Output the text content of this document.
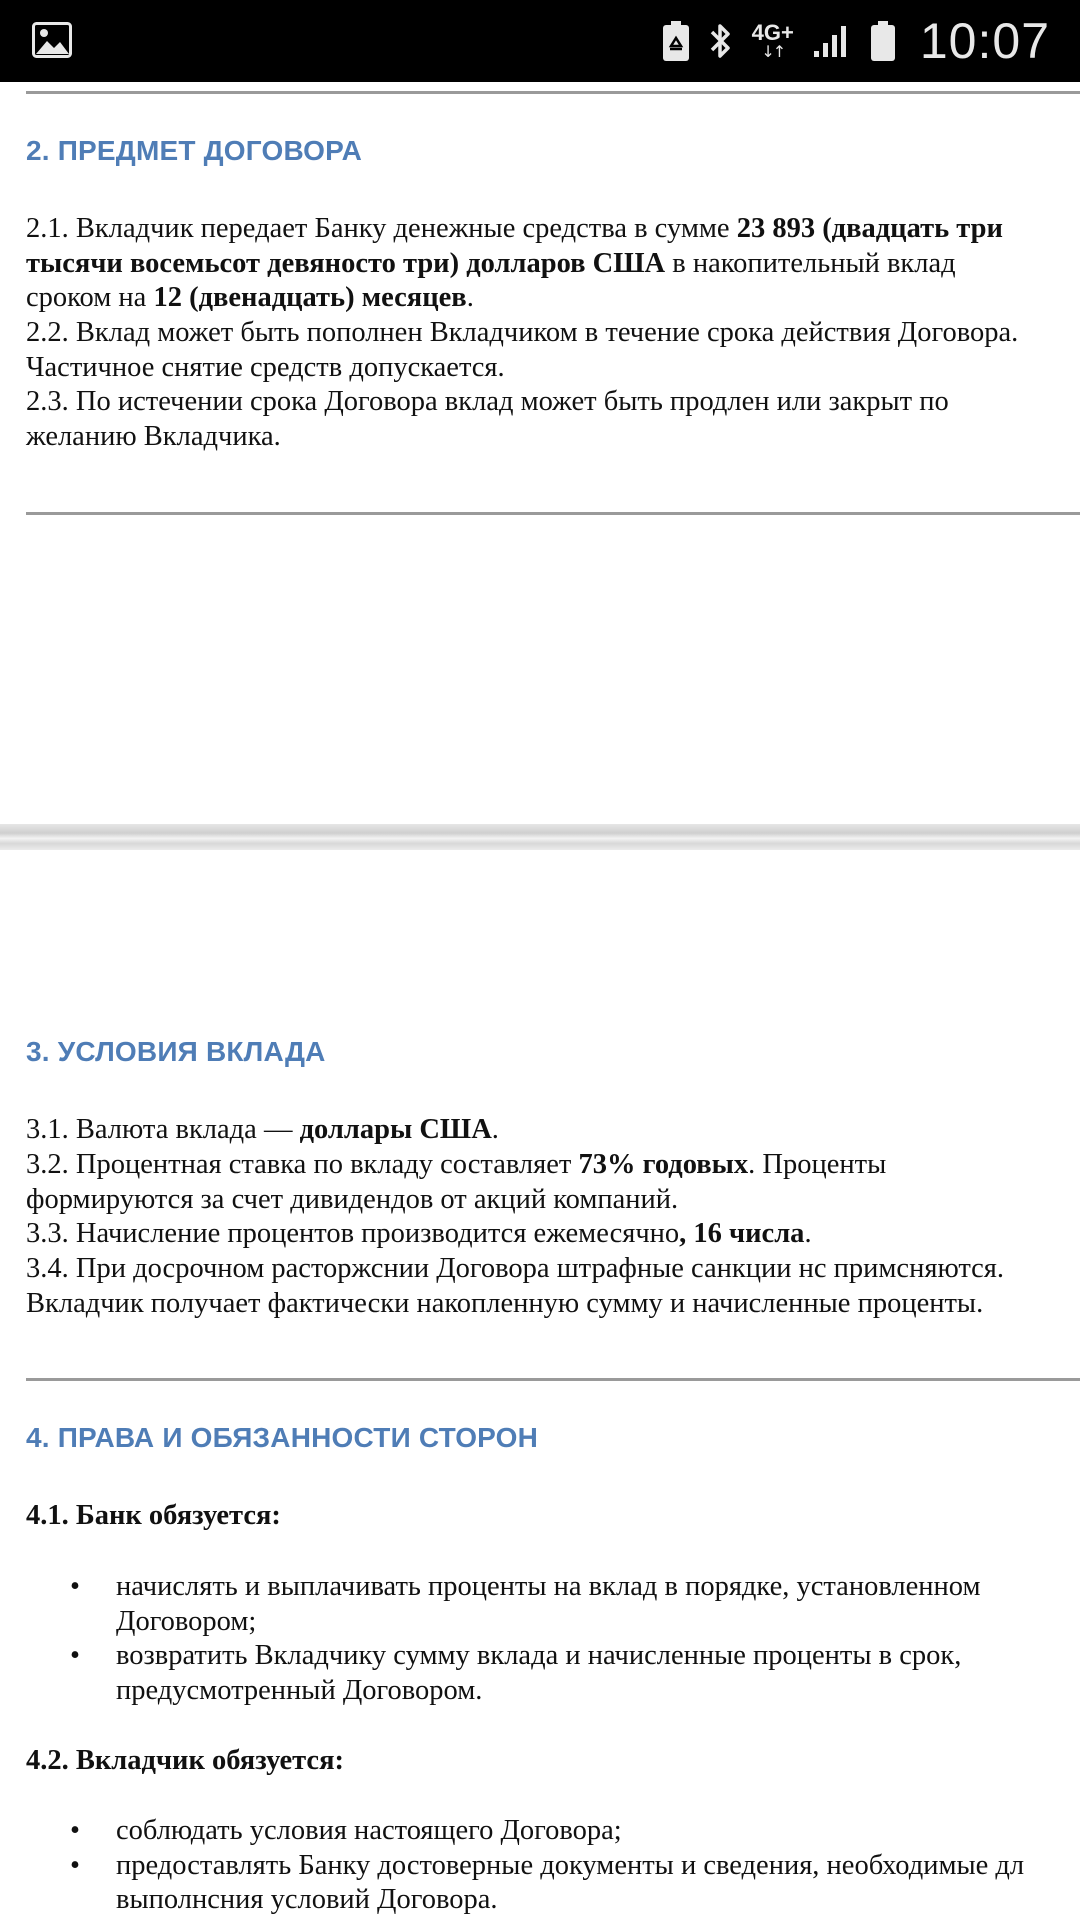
4G+
↓↑	10:07
2. ПРЕДМЕТ ДОГОВОРА

2.1. Вкладчик передает Банку денежные средства в сумме 23 893 (двадцать три
тысячи восемьсот девяносто три) долларов США в накопительный вклад
сроком на 12 (двенадцать) месяцев.

2.2. Вклад может быть пополнен Вкладчиком в течение срока действия Договора.
Частичное снятие средств допускается.

2.3. По истечении срока Договора вклад может быть продлен или закрыт по
желанию Вкладчика.

3. УСЛОВИЯ ВКЛАДА

3.1. Валюта вклада — доллары США.

3.2. Процентная ставка по вкладу составляет 73% годовых. Проценты
формируются за счет дивидендов от акций компаний.

3.3. Начисление процентов производится ежемесячно, 16 числа.

3.4. При досрочном расторжснии Договора штрафные санкции нс примсняются.
Вкладчик получает фактически накопленную сумму и начисленные проценты.

4. ПРАВА И ОБЯЗАННОСТИ СТОРОН

4.1. Банк обязуется:

• начислять и выплачивать проценты на вклад в порядке, установленном
Договором;
• возвратить Вкладчику сумму вклада и начисленные проценты в срок,
предусмотренный Договором.

4.2. Вкладчик обязуется:

• соблюдать условия настоящего Договора;
• предоставлять Банку достоверные документы и сведения, необходимые дл
выполнсния условий Договора.
